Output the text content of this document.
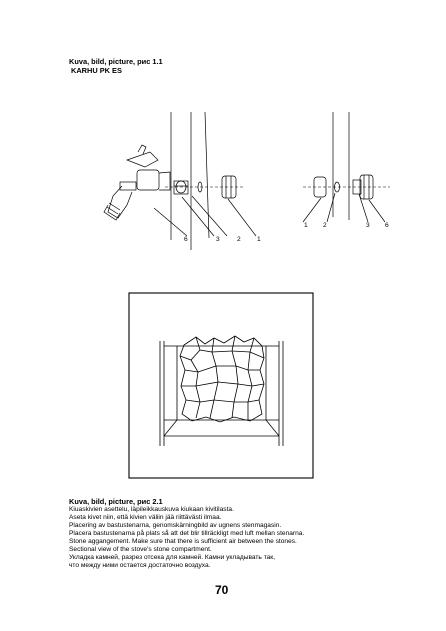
Kuva, bild, picture, рис 1.1
KARHU PK ES
6	3	2 1
1 2	3 6
Kuva, bild, picture, рис 2.1
Kiuaskivien asettelu, läpileikkauskuva kiukaan kivitilasta.
Aseta kivet niin, että kivien väliin jää riittävästi ilmaa.
Placering av bastustenarna, genomskärningbild av ugnens stenmagasin.
Placera bastustenarna på plats så att det blir tillräckligt med luft mellan stenarna.
Stone aggangement. Make sure that there is sufficient air between the stones.
Sectional view of the stove's stone compartment.
Укладка камней, разрез отсека для камней. Камни укладывать так,
что между ними остается достаточно воздуха.
70
